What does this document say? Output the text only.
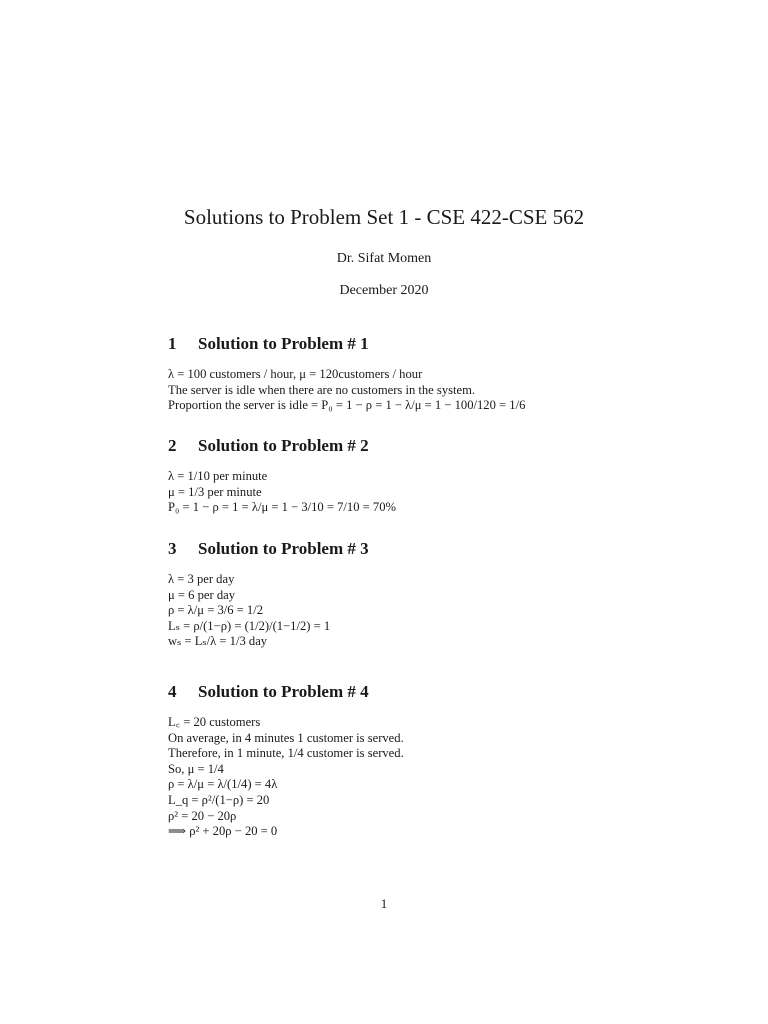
Solutions to Problem Set 1 - CSE 422-CSE 562
Dr. Sifat Momen
December 2020
1 Solution to Problem # 1
λ = 100 customers / hour, μ = 120customers / hour
The server is idle when there are no customers in the system.
Proportion the server is idle = P₀ = 1 − ρ = 1 − λ/μ = 1 − 100/120 = 1/6
2 Solution to Problem # 2
λ = 1/10 per minute
μ = 1/3 per minute
P₀ = 1 − ρ = 1 = λ/μ = 1 − 3/10 = 7/10 = 70%
3 Solution to Problem # 3
λ = 3 per day
μ = 6 per day
ρ = λ/μ = 3/6 = 1/2
Lₛ = ρ/(1−ρ) = (1/2)/(1−1/2) = 1
wₛ = Lₛ/λ = 1/3 day
4 Solution to Problem # 4
L꜀ = 20 customers
On average, in 4 minutes 1 customer is served.
Therefore, in 1 minute, 1/4 customer is served.
So, μ = 1/4
ρ = λ/μ = λ/(1/4) = 4λ
L_q = ρ²/(1−ρ) = 20
ρ² = 20 − 20ρ
⟹ ρ² + 20ρ − 20 = 0
1
